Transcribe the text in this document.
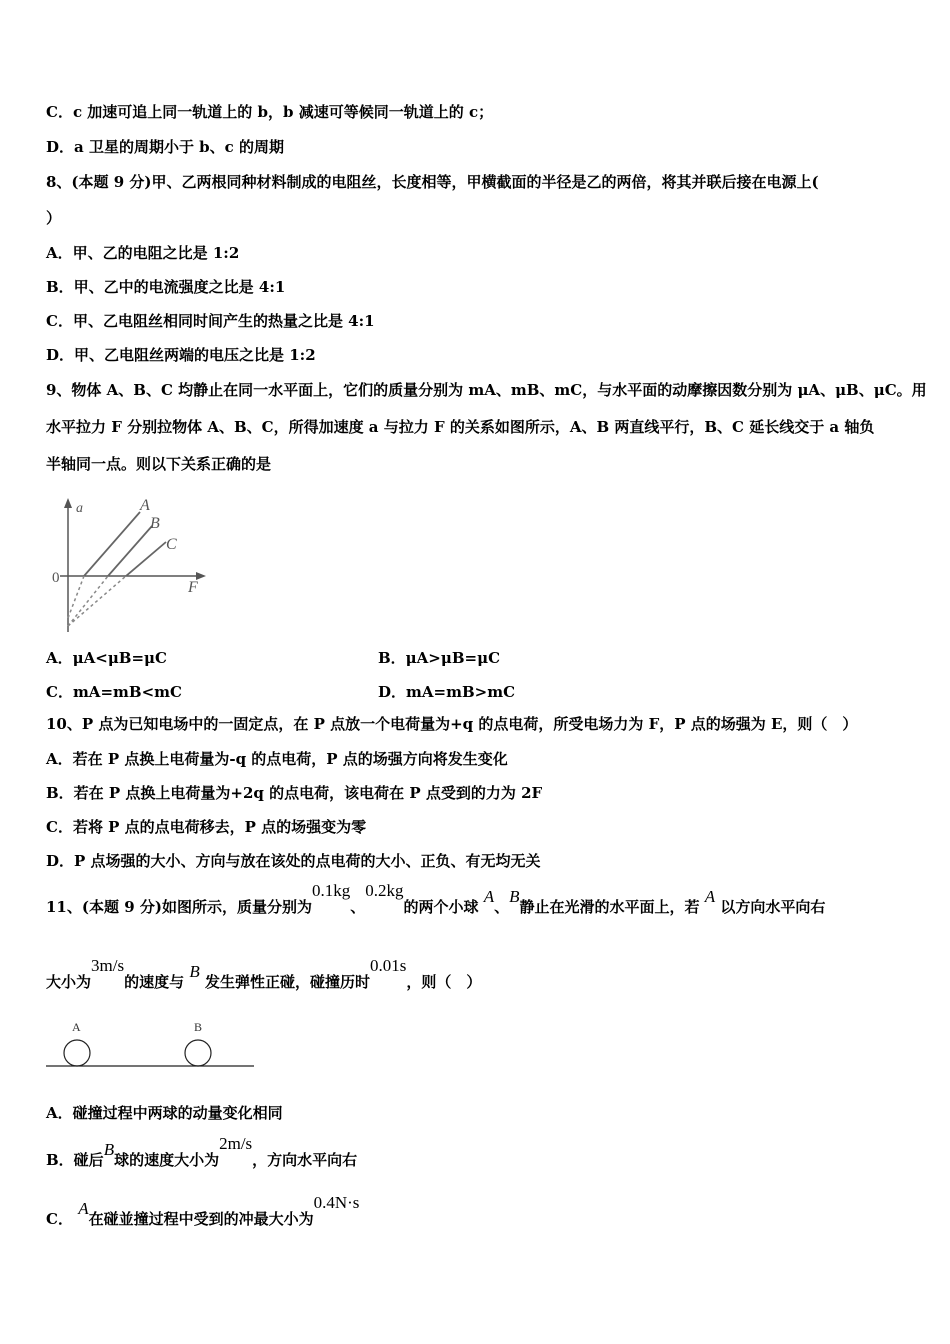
C．c 加速可追上同一轨道上的 b，b 减速可等候同一轨道上的 c；
D．a 卫星的周期小于 b、c 的周期
8、(本题 9 分)甲、乙两根同种材料制成的电阻丝，长度相等，甲横截面的半径是乙的两倍，将其并联后接在电源上(
）
A．甲、乙的电阻之比是 1:2
B．甲、乙中的电流强度之比是 4:1
C．甲、乙电阻丝相同时间产生的热量之比是 4:1
D．甲、乙电阻丝两端的电压之比是 1:2
9、物体 A、B、C 均静止在同一水平面上，它们的质量分别为 mA、mB、mC，与水平面的动摩擦因数分别为 μA、μB、μC。用
水平拉力 F 分别拉物体 A、B、C，所得加速度 a 与拉力 F 的关系如图所示，A、B 两直线平行，B、C 延长线交于 a 轴负
半轴同一点。则以下关系正确的是
a
F
0
A
B
C
A．μA<μB=μC	B．μA>μB=μC
C．mA=mB<mC	D．mA=mB>mC
10、P 点为已知电场中的一固定点，在 P 点放一个电荷量为+q 的点电荷，所受电场力为 F，P 点的场强为 E，则（　）
A．若在 P 点换上电荷量为-q 的点电荷，P 点的场强方向将发生变化
B．若在 P 点换上电荷量为+2q 的点电荷，该电荷在 P 点受到的力为 2F
C．若将 P 点的点电荷移去，P 点的场强变为零
D．P 点场强的大小、方向与放在该处的点电荷的大小、正负、有无均无关
11、(本题 9 分)如图所示，质量分别为0.1kg、0.2kg的两个小球 A、B静止在光滑的水平面上，若 A 以方向水平向右
大小为3m/s的速度与 B 发生弹性正碰，碰撞历时0.01s，则（　）
A	B
A．碰撞过程中两球的动量变化相同
B．碰后B球的速度大小为2m/s，方向水平向右
C． A在碰並撞过程中受到的冲最大小为0.4N·s
